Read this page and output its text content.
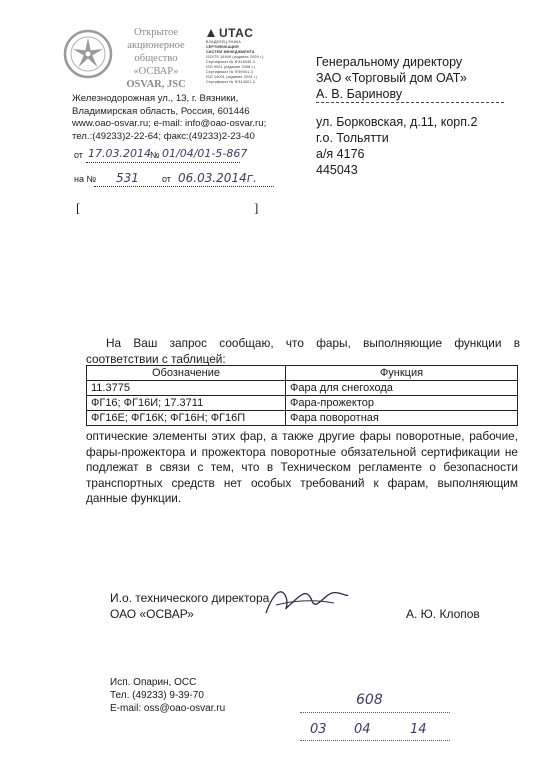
Открытое
акционерное
общество
«ОСВАР»
OSVAR, JSC
UTAC
ВЛАДЕЛЕЦ ЗНАКА
СЕРТИФИКАЦИЯ
СИСТЕМ МЕНЕДЖМЕНТА
ISO/TS 16949 (издание 2009 г.)
Сертификат № ФЭ16949-3
ISO 9001 (издание 2008 г.)
Сертификат № ФЭ9001-3
ISO 14001 (издание 2004 г.)
Сертификат № ФЭ14001-3
Железнодорожная ул., 13, г. Вязники,
Владимирская область, Россия, 601446
www.oao-osvar.ru; e-mail: info@oao-osvar.ru;
тел.:(49233)2-22-64; факс:(49233)2-23-40
Генеральному директору
ЗАО «Торговый дом ОАТ»
А. В. Баринову
ул. Борковская, д.11, корп.2
г.о. Тольятти
а/я 4176
445043
от 17.03.2014 № 01/04/01-5-867
на № 531	от 06.03.2014г.
[	]
На Ваш запрос сообщаю, что фары, выполняющие функции в соответствии с таблицей:
Обозначение	Функция
11.3775	Фара для снегохода
ФГ16; ФГ16И; 17.3711	Фара-прожектор
ФГ16Е; ФГ16К; ФГ16Н; ФГ16П	Фара поворотная
оптические элементы этих фар, а также другие фары поворотные, рабочие, фары-прожектора и прожектора поворотные обязательной сертификации не подлежат в связи с тем, что в Техническом регламенте о безопасности транспортных средств нет особых требований к фарам, выполняющим данные функции.
И.о. технического директора
ОАО «ОСВАР»	А. Ю. Клопов
Исп. Опарин, ОСС
Тел. (49233) 9-39-70
E-mail: oss@oao-osvar.ru
608
03 04	14
